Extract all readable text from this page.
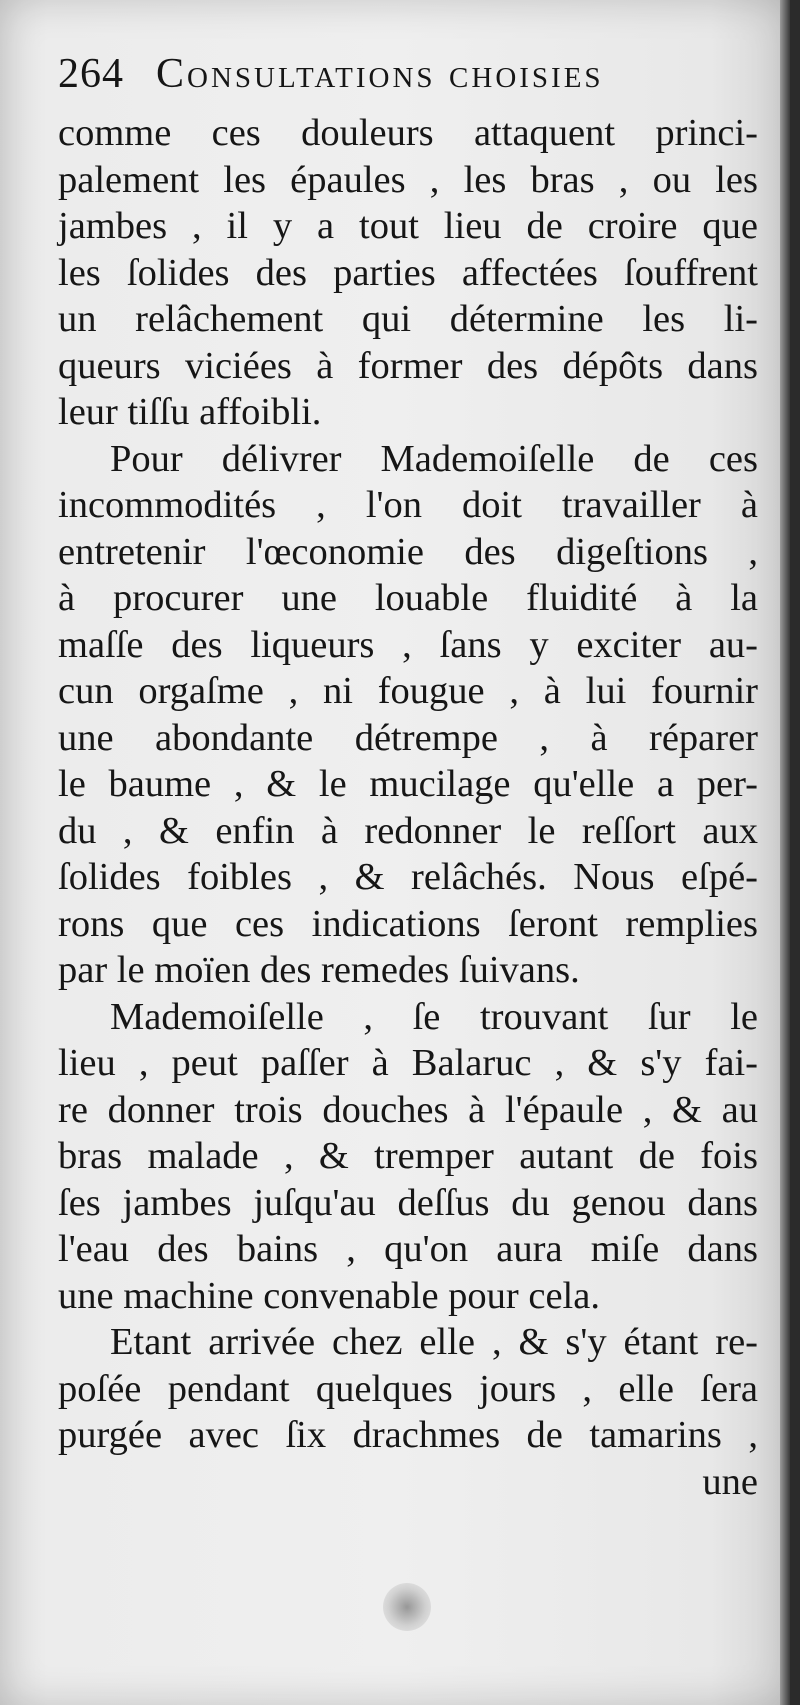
264 Consultations choisies
comme ces douleurs attaquent princi-
palement les épaules , les bras , ou les
jambes , il y a tout lieu de croire que
les ſolides des parties affectées ſouffrent
un relâchement qui détermine les li-
queurs viciées à former des dépôts dans
leur tiſſu affoibli.
Pour délivrer Mademoiſelle de ces
incommodités , l'on doit travailler à
entretenir l'œconomie des digeſtions ,
à procurer une louable fluidité à la
maſſe des liqueurs , ſans y exciter au-
cun orgaſme , ni fougue , à lui fournir
une abondante détrempe , à réparer
le baume , & le mucilage qu'elle a per-
du , & enfin à redonner le reſſort aux
ſolides foibles , & relâchés. Nous eſpé-
rons que ces indications ſeront remplies
par le moïen des remedes ſuivans.
Mademoiſelle , ſe trouvant ſur le
lieu , peut paſſer à Balaruc , & s'y fai-
re donner trois douches à l'épaule , & au
bras malade , & tremper autant de fois
ſes jambes juſqu'au deſſus du genou dans
l'eau des bains , qu'on aura miſe dans
une machine convenable pour cela.
Etant arrivée chez elle , & s'y étant re-
poſée pendant quelques jours , elle ſera
purgée avec ſix drachmes de tamarins ,
une
